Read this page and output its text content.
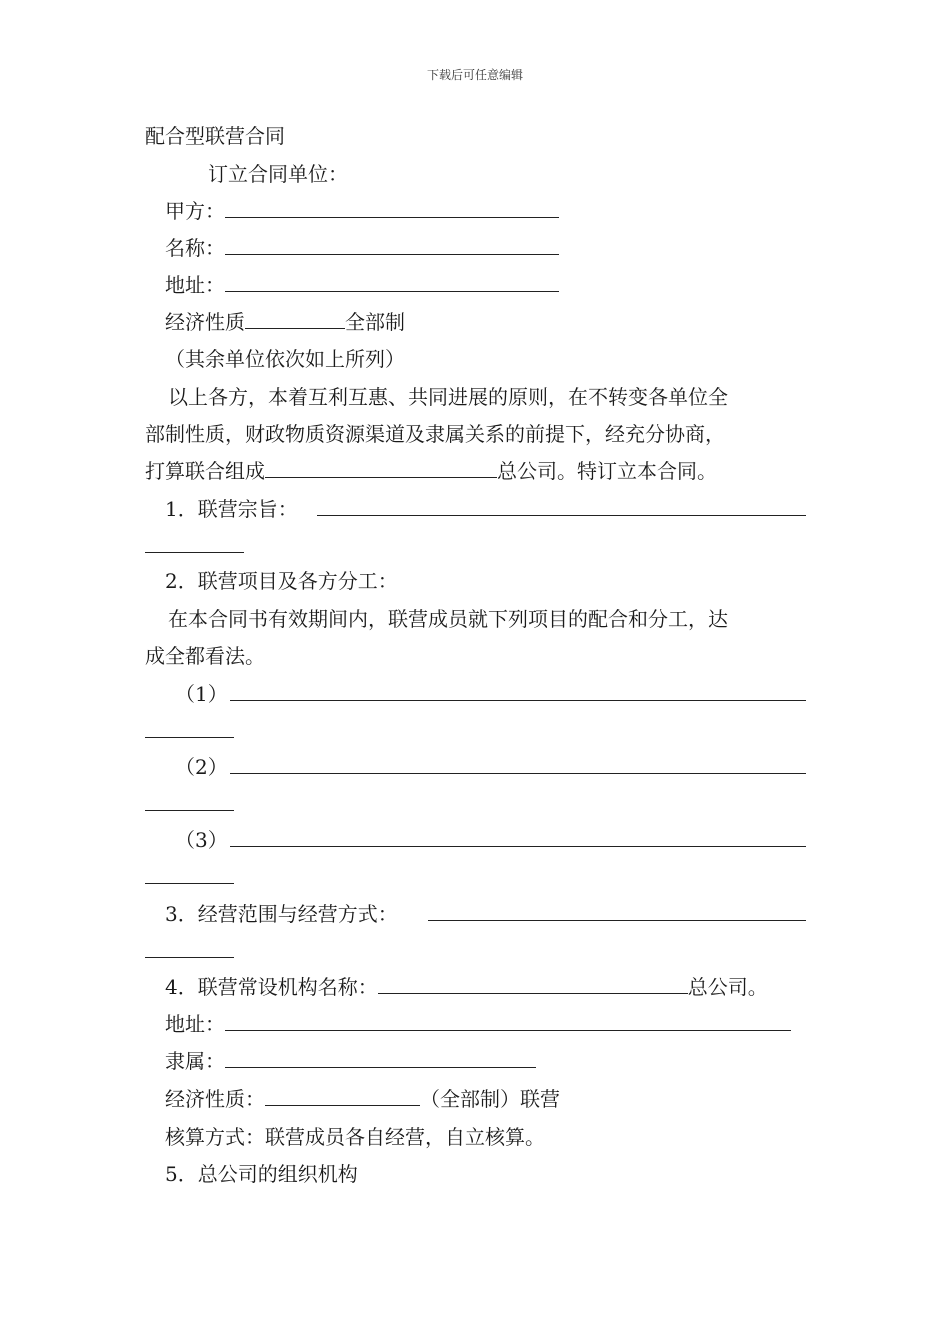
下载后可任意编辑
配合型联营合同
订立合同单位：
甲方：
名称：
地址：
经济性质	全部制
（其余单位依次如上所列）
以上各方，本着互利互惠、共同进展的原则，在不转变各单位全
部制性质，财政物质资源渠道及隶属关系的前提下，经充分协商，
打算联合组成	总公司。特订立本合同。
1．联营宗旨：
2．联营项目及各方分工：
在本合同书有效期间内，联营成员就下列项目的配合和分工，达
成全都看法。
（1）
（2）
（3）
3．经营范围与经营方式：
4．联营常设机构名称：	总公司。
地址：
隶属：
经济性质：	（全部制）联营
核算方式：联营成员各自经营，自立核算。
5．总公司的组织机构
